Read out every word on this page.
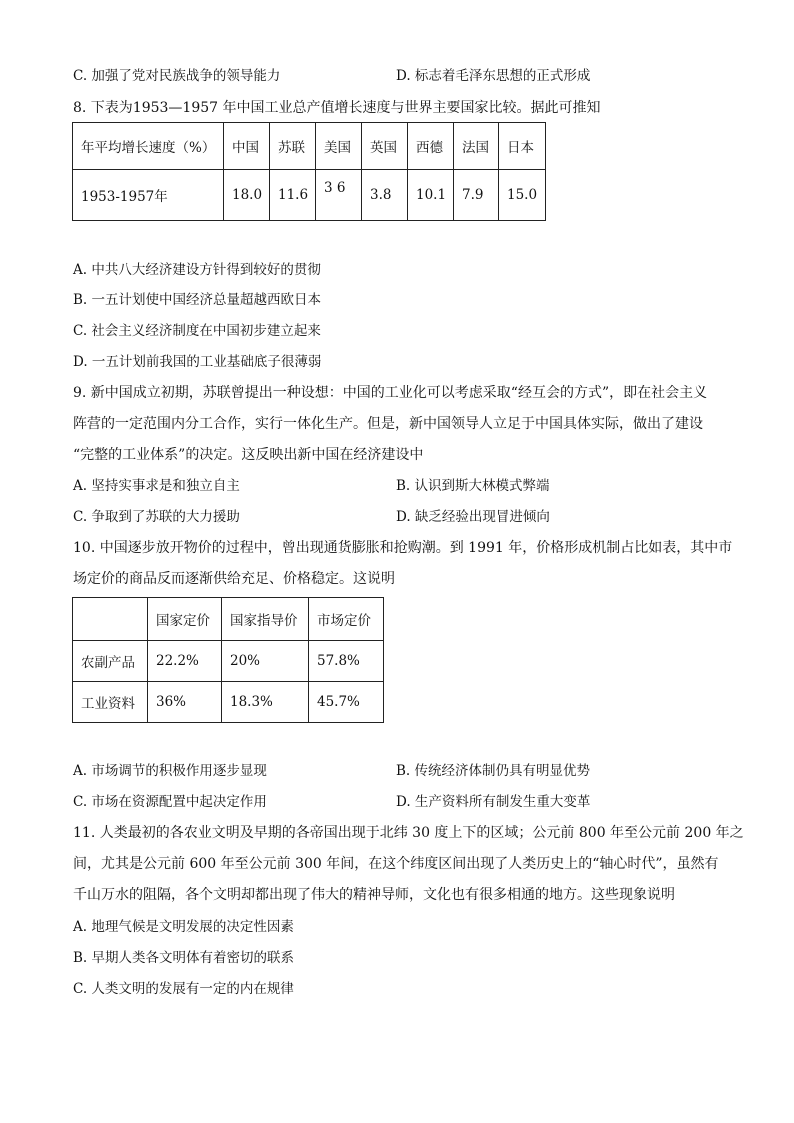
C. 加强了党对民族战争的领导能力	D. 标志着毛泽东思想的正式形成
8. 下表为1953—1957 年中国工业总产值增长速度与世界主要国家比较。据此可推知
年平均增长速度（%）	中国	苏联	美国	英国	西德	法国	日本
1953-1957年	18.0	11.6	3 6	3.8	10.1	7.9	15.0
A. 中共八大经济建设方针得到较好的贯彻
B. 一五计划使中国经济总量超越西欧日本
C. 社会主义经济制度在中国初步建立起来
D. 一五计划前我国的工业基础底子很薄弱
9. 新中国成立初期，苏联曾提出一种设想：中国的工业化可以考虑采取“经互会的方式”，即在社会主义
阵营的一定范围内分工合作，实行一体化生产。但是，新中国领导人立足于中国具体实际，做出了建设
“完整的工业体系”的决定。这反映出新中国在经济建设中
A. 坚持实事求是和独立自主	B. 认识到斯大林模式弊端
C. 争取到了苏联的大力援助	D. 缺乏经验出现冒进倾向
10. 中国逐步放开物价的过程中，曾出现通货膨胀和抢购潮。到 1991 年，价格形成机制占比如表，其中市
场定价的商品反而逐渐供给充足、价格稳定。这说明
	国家定价	国家指导价	市场定价
农副产品	22.2%	20%	57.8%
工业资料	36%	18.3%	45.7%
A. 市场调节的积极作用逐步显现	B. 传统经济体制仍具有明显优势
C. 市场在资源配置中起决定作用	D. 生产资料所有制发生重大变革
11. 人类最初的各农业文明及早期的各帝国出现于北纬 30 度上下的区域；公元前 800 年至公元前 200 年之
间，尤其是公元前 600 年至公元前 300 年间，在这个纬度区间出现了人类历史上的“轴心时代”，虽然有
千山万水的阻隔，各个文明却都出现了伟大的精神导师，文化也有很多相通的地方。这些现象说明
A. 地理气候是文明发展的决定性因素
B. 早期人类各文明体有着密切的联系
C. 人类文明的发展有一定的内在规律
